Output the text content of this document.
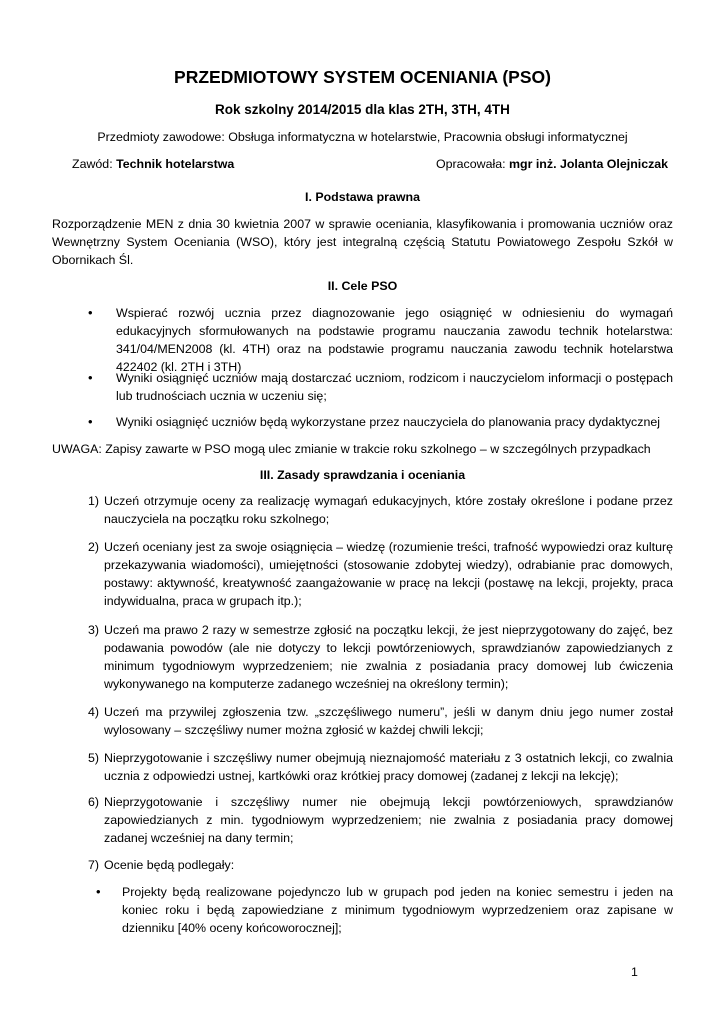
PRZEDMIOTOWY SYSTEM OCENIANIA (PSO)
Rok szkolny 2014/2015 dla klas 2TH, 3TH, 4TH
Przedmioty zawodowe: Obsługa informatyczna w hotelarstwie, Pracownia obsługi informatycznej
Zawód: Technik hotelarstwa	Opracowała: mgr inż. Jolanta Olejniczak
I. Podstawa prawna
Rozporządzenie MEN z dnia 30 kwietnia 2007 w sprawie oceniania, klasyfikowania i promowania uczniów oraz Wewnętrzny System Oceniania (WSO), który jest integralną częścią Statutu Powiatowego Zespołu Szkół w Obornikach Śl.
II. Cele PSO
• Wspierać rozwój ucznia przez diagnozowanie jego osiągnięć w odniesieniu do wymagań edukacyjnych sformułowanych na podstawie programu nauczania zawodu technik hotelarstwa: 341/04/MEN2008 (kl. 4TH) oraz na podstawie programu nauczania zawodu technik hotelarstwa 422402 (kl. 2TH i 3TH)
• Wyniki osiągnięć uczniów mają dostarczać uczniom, rodzicom i nauczycielom informacji o postępach lub trudnościach ucznia w uczeniu się;
• Wyniki osiągnięć uczniów będą wykorzystane przez nauczyciela do planowania pracy dydaktycznej
UWAGA: Zapisy zawarte w PSO mogą ulec zmianie w trakcie roku szkolnego – w szczególnych przypadkach
III. Zasady sprawdzania i oceniania
1) Uczeń otrzymuje oceny za realizację wymagań edukacyjnych, które zostały określone i podane przez nauczyciela na początku roku szkolnego;
2) Uczeń oceniany jest za swoje osiągnięcia – wiedzę (rozumienie treści, trafność wypowiedzi oraz kulturę przekazywania wiadomości), umiejętności (stosowanie zdobytej wiedzy), odrabianie prac domowych, postawy: aktywność, kreatywność zaangażowanie w pracę na lekcji (postawę na lekcji, projekty, praca indywidualna, praca w grupach itp.);
3) Uczeń ma prawo 2 razy w semestrze zgłosić na początku lekcji, że jest nieprzygotowany do zajęć, bez podawania powodów (ale nie dotyczy to lekcji powtórzeniowych, sprawdzianów zapowiedzianych z minimum tygodniowym wyprzedzeniem; nie zwalnia z posiadania pracy domowej lub ćwiczenia wykonywanego na komputerze zadanego wcześniej na określony termin);
4) Uczeń ma przywilej zgłoszenia tzw. „szczęśliwego numeru”, jeśli w danym dniu jego numer został wylosowany – szczęśliwy numer można zgłosić w każdej chwili lekcji;
5) Nieprzygotowanie i szczęśliwy numer obejmują nieznajomość materiału z 3 ostatnich lekcji, co zwalnia ucznia z odpowiedzi ustnej, kartkówki oraz krótkiej pracy domowej (zadanej z lekcji na lekcję);
6) Nieprzygotowanie i szczęśliwy numer nie obejmują lekcji powtórzeniowych, sprawdzianów zapowiedzianych z min. tygodniowym wyprzedzeniem; nie zwalnia z posiadania pracy domowej zadanej wcześniej na dany termin;
7) Ocenie będą podlegały:
• Projekty będą realizowane pojedynczo lub w grupach pod jeden na koniec semestru i jeden na koniec roku i będą zapowiedziane z minimum tygodniowym wyprzedzeniem oraz zapisane w dzienniku [40% oceny końcoworocznej];
1
